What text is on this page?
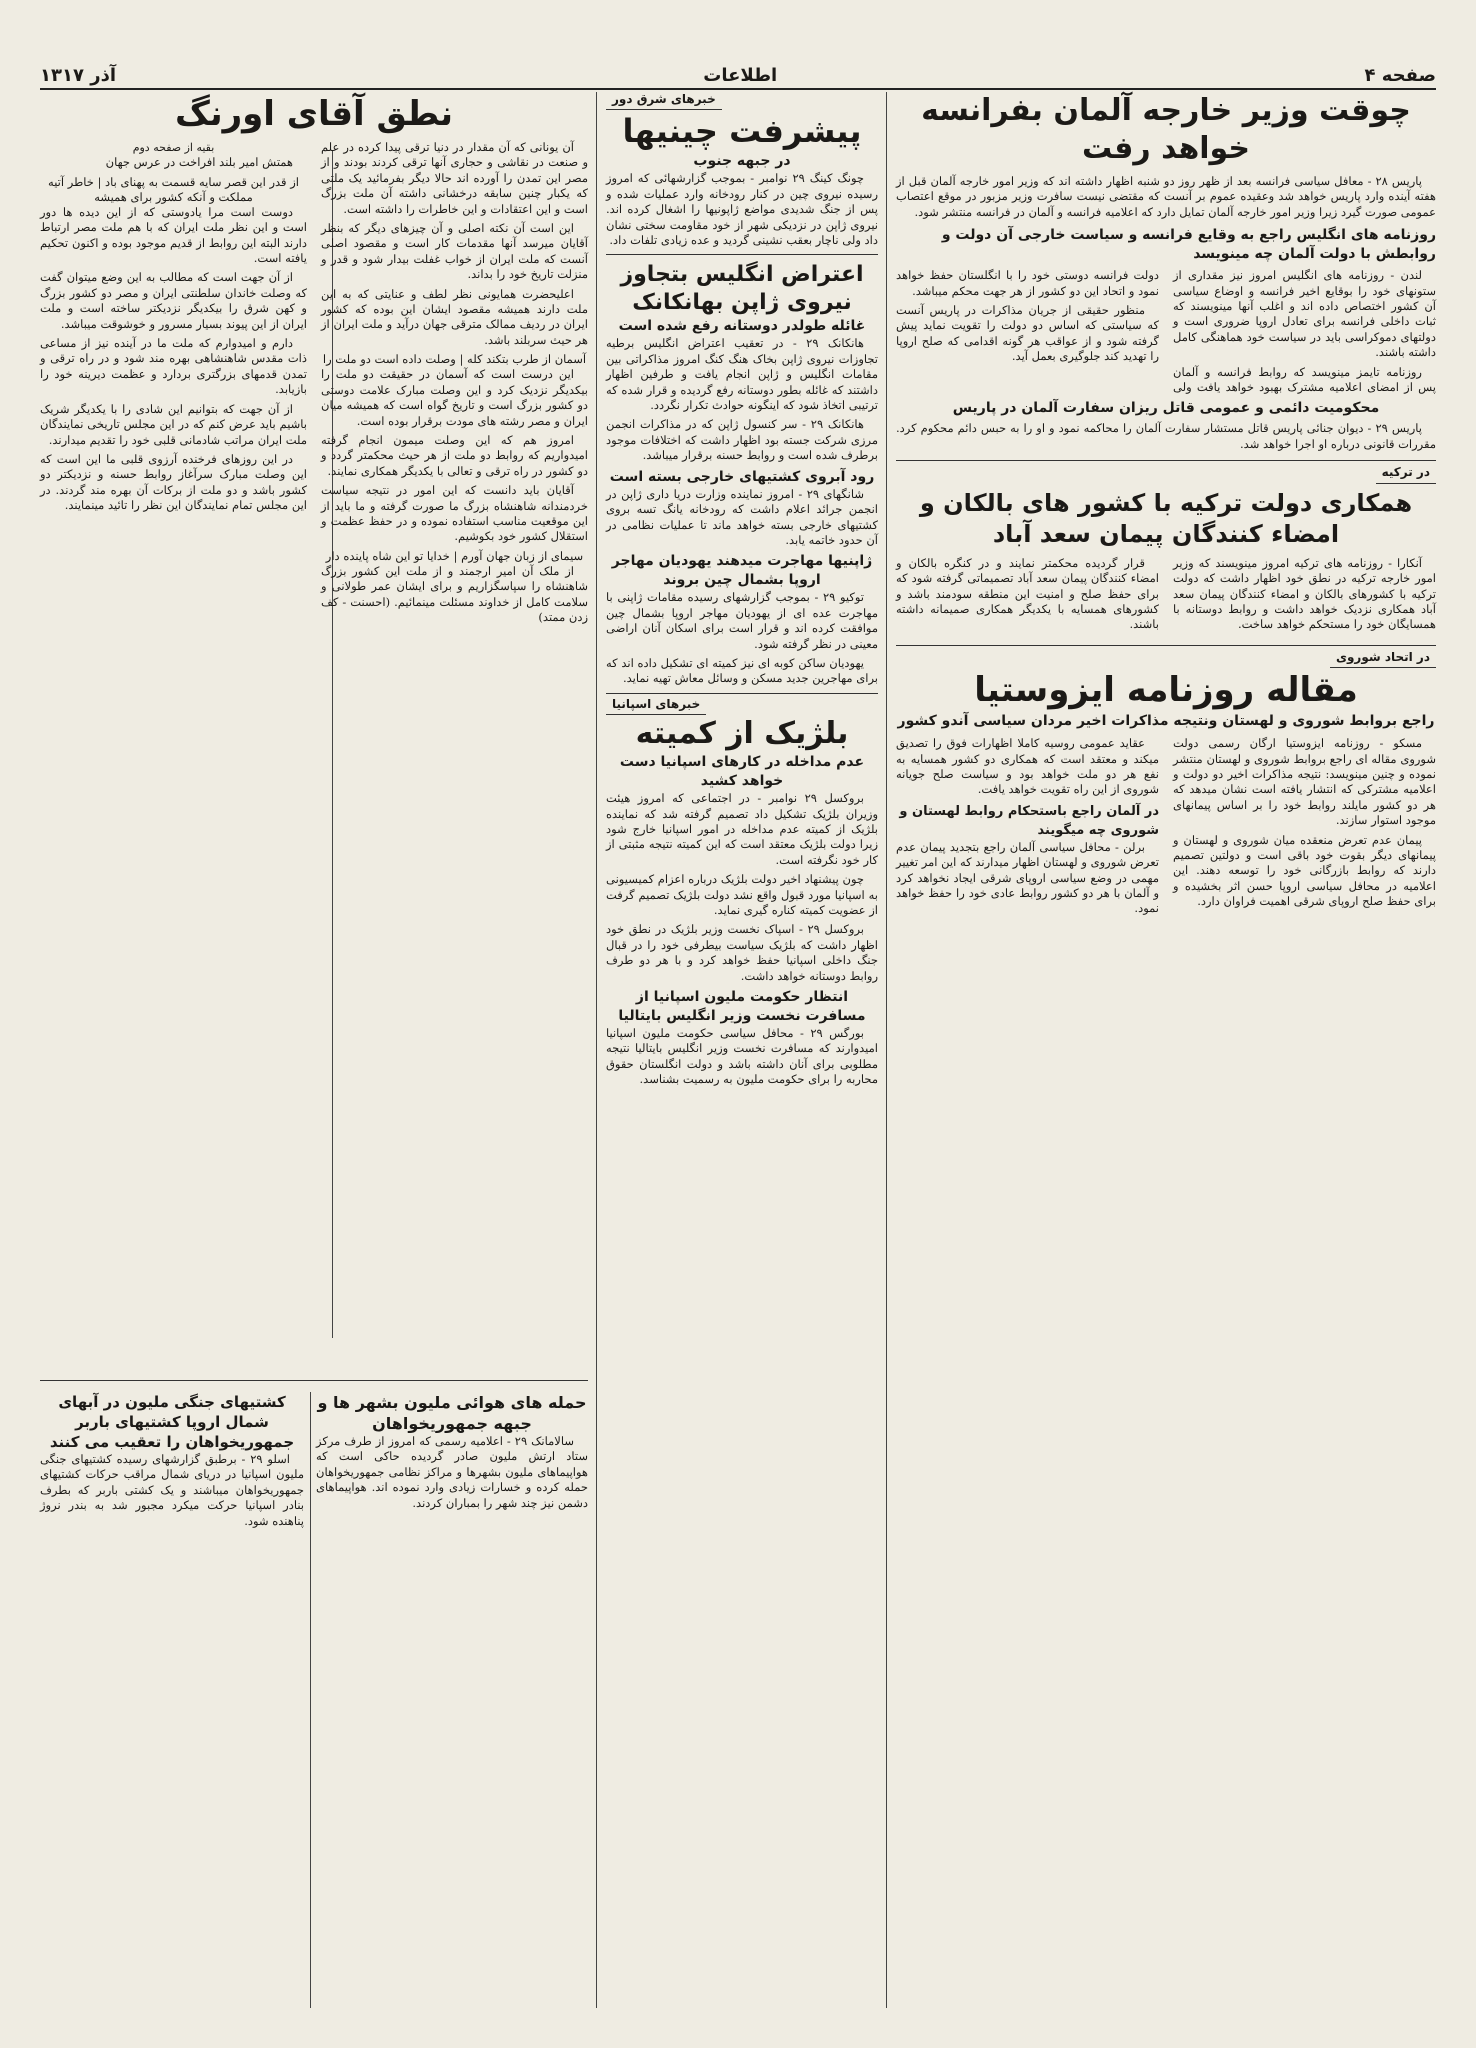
صفحه ۴
اطلاعات
آذر ۱۳۱۷
چوقت وزیر خارجه آلمان بفرانسه خواهد رفت

پاریس ۲۸ - معافل سیاسی فرانسه بعد از ظهر روز دو شنبه اظهار داشته اند که وزیر امور خارجه آلمان قبل از هفته آینده وارد پاریس خواهد شد وعقیده عموم بر آنست که مقتضی نیست سافرت وزیر مزبور در موقع اعتصاب عمومی صورت گیرد زیرا وزیر امور خارجه آلمان تمایل دارد که اعلامیه فرانسه و آلمان در فرانسه منتشر شود.

روزنامه های انگلیس راجع به وقایع فرانسه و سیاست خارجی آن دولت و روابطش با دولت آلمان چه مینویسد

لندن - روزنامه های انگلیس امروز نیز مقداری از ستونهای خود را بوقایع اخیر فرانسه و اوضاع سیاسی آن کشور اختصاص داده اند و اغلب آنها مینویسند که ثبات داخلی فرانسه برای تعادل اروپا ضروری است و دولتهای دموکراسی باید در سیاست خود هماهنگی کامل داشته باشند.

روزنامه تایمز مینویسد که روابط فرانسه و آلمان پس از امضای اعلامیه مشترک بهبود خواهد یافت ولی دولت فرانسه دوستی خود را با انگلستان حفظ خواهد نمود و اتحاد این دو کشور از هر جهت محکم میباشد.

منظور حقیقی از جریان مذاکرات در پاریس آنست که سیاستی که اساس دو دولت را تقویت نماید پیش گرفته شود و از عواقب هر گونه اقدامی که صلح اروپا را تهدید کند جلوگیری بعمل آید.

محکومیت دائمی و عمومی قاتل ریزان سفارت آلمان در پاریس

پاریس ۲۹ - دیوان جنائی پاریس قاتل مستشار سفارت آلمان را محاکمه نمود و او را به حبس دائم محکوم کرد. مقررات قانونی درباره او اجرا خواهد شد.

در ترکیه
همکاری دولت ترکیه با کشور های بالکان و امضاء کنندگان پیمان سعد آباد

آنکارا - روزنامه های ترکیه امروز مینویسند که وزیر امور خارجه ترکیه در نطق خود اظهار داشت که دولت ترکیه با کشورهای بالکان و امضاء کنندگان پیمان سعد آباد همکاری نزدیک خواهد داشت و روابط دوستانه با همسایگان خود را مستحکم خواهد ساخت.

قرار گردیده محکمتر نمایند و در کنگره بالکان و امضاء کنندگان پیمان سعد آباد تصمیماتی گرفته شود که برای حفظ صلح و امنیت این منطقه سودمند باشد و کشورهای همسایه با یکدیگر همکاری صمیمانه داشته باشند.

در اتحاد شوروی
مقاله روزنامه ایزوستیا
راجع بروابط شوروی و لهستان ونتیجه مذاکرات اخیر مردان سیاسی آندو کشور

مسکو - روزنامه ایزوستیا ارگان رسمی دولت شوروی مقاله ای راجع بروابط شوروی و لهستان منتشر نموده و چنین مینویسد: نتیجه مذاکرات اخیر دو دولت و اعلامیه مشترکی که انتشار یافته است نشان میدهد که هر دو کشور مایلند روابط خود را بر اساس پیمانهای موجود استوار سازند.

پیمان عدم تعرض منعقده میان شوروی و لهستان و پیمانهای دیگر بقوت خود باقی است و دولتین تصمیم دارند که روابط بازرگانی خود را توسعه دهند. این اعلامیه در محافل سیاسی اروپا حسن اثر بخشیده و برای حفظ صلح اروپای شرقی اهمیت فراوان دارد.

عقاید عمومی روسیه کاملا اظهارات فوق را تصدیق میکند و معتقد است که همکاری دو کشور همسایه به نفع هر دو ملت خواهد بود و سیاست صلح جویانه شوروی از این راه تقویت خواهد یافت.

در آلمان راجع باستحکام روابط لهستان و شوروی چه میگویند

برلن - محافل سیاسی آلمان راجع بتجدید پیمان عدم تعرض شوروی و لهستان اظهار میدارند که این امر تغییر مهمی در وضع سیاسی اروپای شرقی ایجاد نخواهد کرد و آلمان با هر دو کشور روابط عادی خود را حفظ خواهد نمود.

خبرهای شرق دور
پیشرفت چینیها
در جبهه جنوب

چونگ کینگ ۲۹ نوامبر - بموجب گزارشهائی که امروز رسیده نیروی چین در کنار رودخانه وارد عملیات شده و پس از جنگ شدیدی مواضع ژاپونیها را اشغال کرده اند. نیروی ژاپن در نزدیکی شهر از خود مقاومت سختی نشان داد ولی ناچار بعقب نشینی گردید و عده زیادی تلفات داد.

اعتراض انگلیس بتجاوز نیروی ژاپن بهانکانک
غائله طولدر دوستانه رفع شده است

هانکانک ۲۹ - در تعقیب اعتراض انگلیس برطیه تجاوزات نیروی ژاپن بخاک هنگ کنگ امروز مذاکراتی بین مقامات انگلیس و ژاپن انجام یافت و طرفین اظهار داشتند که غائله بطور دوستانه رفع گردیده و قرار شده که ترتیبی اتخاذ شود که اینگونه حوادث تکرار نگردد.

هانکانک ۲۹ - سر کنسول ژاپن که در مذاکرات انجمن مرزی شرکت جسته بود اظهار داشت که اختلافات موجود برطرف شده است و روابط حسنه برقرار میباشد.

رود آبروی کشتیهای خارجی بسته است

شانگهای ۲۹ - امروز نماینده وزارت دریا داری ژاپن در انجمن جرائد اعلام داشت که رودخانه یانگ تسه بروی کشتیهای خارجی بسته خواهد ماند تا عملیات نظامی در آن حدود خاتمه یابد.

ژاپنیها مهاجرت میدهند یهودیان مهاجر اروپا بشمال چین بروند

توکیو ۲۹ - بموجب گزارشهای رسیده مقامات ژاپنی با مهاجرت عده ای از یهودیان مهاجر اروپا بشمال چین موافقت کرده اند و قرار است برای اسکان آنان اراضی معینی در نظر گرفته شود.

یهودیان ساکن کوبه ای نیز کمیته ای تشکیل داده اند که برای مهاجرین جدید مسکن و وسائل معاش تهیه نماید.

خبرهای اسپانیا
بلژیک از کمیته
عدم مداخله در کارهای اسپانیا دست خواهد کشید

بروکسل ۲۹ نوامبر - در اجتماعی که امروز هیئت وزیران بلژیک تشکیل داد تصمیم گرفته شد که نماینده بلژیک از کمیته عدم مداخله در امور اسپانیا خارج شود زیرا دولت بلژیک معتقد است که این کمیته نتیجه مثبتی از کار خود نگرفته است.

چون پیشنهاد اخیر دولت بلژیک درباره اعزام کمیسیونی به اسپانیا مورد قبول واقع نشد دولت بلژیک تصمیم گرفت از عضویت کمیته کناره گیری نماید.

بروکسل ۲۹ - اسپاک نخست وزیر بلژیک در نطق خود اظهار داشت که بلژیک سیاست بیطرفی خود را در قبال جنگ داخلی اسپانیا حفظ خواهد کرد و با هر دو طرف روابط دوستانه خواهد داشت.

انتظار حکومت ملیون اسپانیا از مسافرت نخست وزیر انگلیس بایتالیا

بورگس ۲۹ - محافل سیاسی حکومت ملیون اسپانیا امیدوارند که مسافرت نخست وزیر انگلیس بایتالیا نتیجه مطلوبی برای آنان داشته باشد و دولت انگلستان حقوق محاربه را برای حکومت ملیون به رسمیت بشناسد.

نطق آقای اورنگ

آن یونانی که آن مقدار در دنیا ترقی پیدا کرده در علم و صنعت در نقاشی و حجاری آنها ترقی کردند بودند و از مصر این تمدن را آورده اند حالا دیگر بفرمائید یک ملتی که یکبار چنین سابقه درخشانی داشته آن ملت بزرگ است و این اعتقادات و این خاطرات را داشته است.

این است آن نکته اصلی و آن چیزهای دیگر که بنظر آقایان میرسد آنها مقدمات کار است و مقصود اصلی آنست که ملت ایران از خواب غفلت بیدار شود و قدر و منزلت تاریخ خود را بداند.

اعلیحضرت همایونی نظر لطف و عنایتی که به این ملت دارند همیشه مقصود ایشان این بوده که کشور ایران در ردیف ممالک مترقی جهان درآید و ملت ایران از هر حیث سربلند باشد.

آسمان از طرب بتکند کله | وصلت داده است دو ملت را

این درست است که آسمان در حقیقت دو ملت را بیکدیگر نزدیک کرد و این وصلت مبارک علامت دوستی دو کشور بزرگ است و تاریخ گواه است که همیشه میان ایران و مصر رشته های مودت برقرار بوده است.

امروز هم که این وصلت میمون انجام گرفته امیدواریم که روابط دو ملت از هر حیث محکمتر گردد و دو کشور در راه ترقی و تعالی با یکدیگر همکاری نمایند.

آقایان باید دانست که این امور در نتیجه سیاست خردمندانه شاهنشاه بزرگ ما صورت گرفته و ما باید از این موقعیت مناسب استفاده نموده و در حفظ عظمت و استقلال کشور خود بکوشیم.

سیمای از زبان جهان آورم | خدایا تو این شاه پاینده دار

از ملک آن امیر ارجمند و از ملت این کشور بزرگ شاهنشاه را سپاسگزاریم و برای ایشان عمر طولانی و سلامت کامل از خداوند مسئلت مینمائیم. (احسنت - کف زدن ممتد)

بقیه از صفحه دوم

همتش امیر بلند افراخت در عرس جهان

از قدر این قصر سایه قسمت به پهنای باد | خاطر آتیه مملکت و آنکه کشور برای همیشه

دوست است مرا یادوستی که از این دیده ها دور است و این نظر ملت ایران که با هم ملت مصر ارتباط دارند البته این روابط از قدیم موجود بوده و اکنون تحکیم یافته است.

از آن جهت است که مطالب به این وضع میتوان گفت که وصلت خاندان سلطنتی ایران و مصر دو کشور بزرگ و کهن شرق را بیکدیگر نزدیکتر ساخته است و ملت ایران از این پیوند بسیار مسرور و خوشوقت میباشد.

دارم و امیدوارم که ملت ما در آینده نیز از مساعی ذات مقدس شاهنشاهی بهره مند شود و در راه ترقی و تمدن قدمهای بزرگتری بردارد و عظمت دیرینه خود را بازیابد.

از آن جهت که بتوانیم این شادی را با یکدیگر شریک باشیم باید عرض کنم که در این مجلس تاریخی نمایندگان ملت ایران مراتب شادمانی قلبی خود را تقدیم میدارند.

در این روزهای فرخنده آرزوی قلبی ما این است که این وصلت مبارک سرآغاز روابط حسنه و نزدیکتر دو کشور باشد و دو ملت از برکات آن بهره مند گردند. در این مجلس تمام نمایندگان این نظر را تائید مینمایند.

حمله های هوائی ملیون بشهر ها و جبهه جمهوریخواهان

سالامانک ۲۹ - اعلامیه رسمی که امروز از طرف مرکز ستاد ارتش ملیون صادر گردیده حاکی است که هواپیماهای ملیون بشهرها و مراکز نظامی جمهوریخواهان حمله کرده و خسارات زیادی وارد نموده اند. هواپیماهای دشمن نیز چند شهر را بمباران کردند.

کشتیهای جنگی ملیون در آبهای شمال اروپا کشتیهای باربر جمهوریخواهان را تعقیب می کنند

اسلو ۲۹ - برطبق گزارشهای رسیده کشتیهای جنگی ملیون اسپانیا در دریای شمال مراقب حرکات کشتیهای جمهوریخواهان میباشند و یک کشتی باربر که بطرف بنادر اسپانیا حرکت میکرد مجبور شد به بندر نروژ پناهنده شود.
